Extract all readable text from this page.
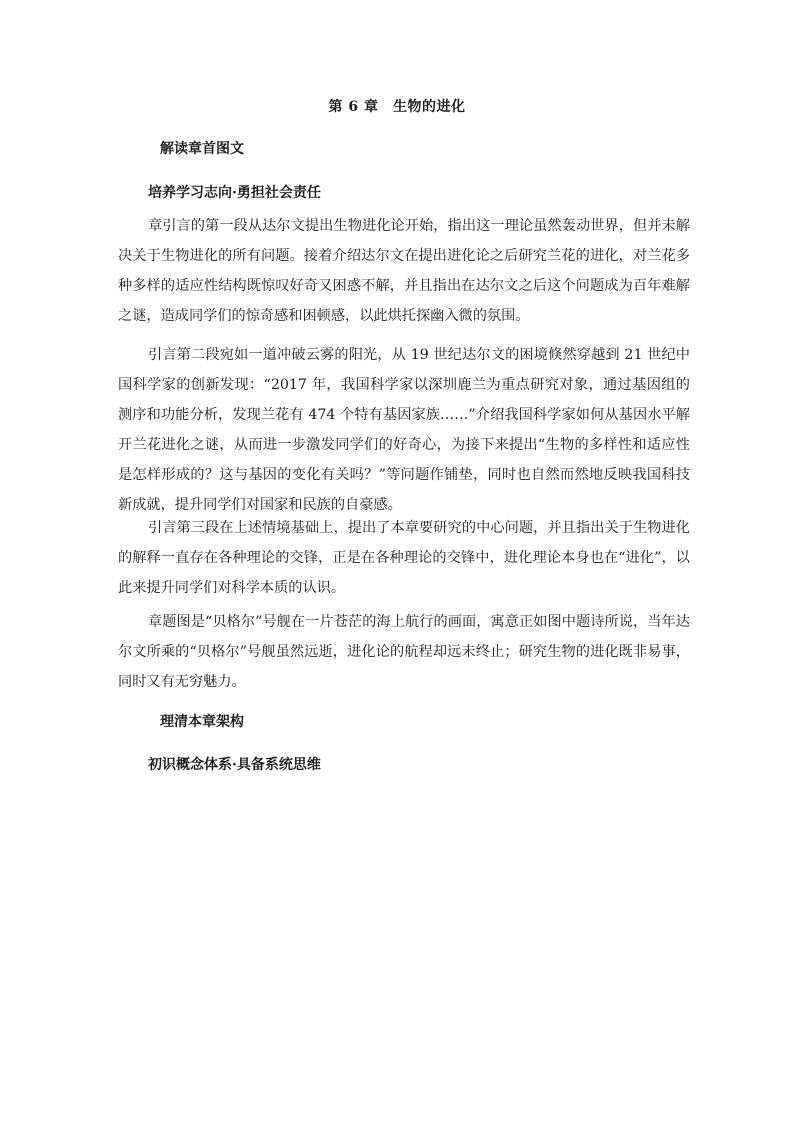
第 6 章　生物的进化
解读章首图文
培养学习志向·勇担社会责任

章引言的第一段从达尔文提出生物进化论开始，指出这一理论虽然轰动世界，但并未解决关于生物进化的所有问题。接着介绍达尔文在提出进化论之后研究兰花的进化，对兰花多种多样的适应性结构既惊叹好奇又困惑不解，并且指出在达尔文之后这个问题成为百年难解之谜，造成同学们的惊奇感和困顿感，以此烘托探幽入微的氛围。

引言第二段宛如一道冲破云雾的阳光，从 19 世纪达尔文的困境倏然穿越到 21 世纪中国科学家的创新发现：“2017 年，我国科学家以深圳鹿兰为重点研究对象，通过基因组的测序和功能分析，发现兰花有 474 个特有基因家族……”介绍我国科学家如何从基因水平解开兰花进化之谜，从而进一步激发同学们的好奇心，为接下来提出“生物的多样性和适应性是怎样形成的？这与基因的变化有关吗？”等问题作铺垫，同时也自然而然地反映我国科技新成就，提升同学们对国家和民族的自豪感。

引言第三段在上述情境基础上，提出了本章要研究的中心问题，并且指出关于生物进化的解释一直存在各种理论的交锋，正是在各种理论的交锋中，进化理论本身也在“进化”，以此来提升同学们对科学本质的认识。

章题图是“贝格尔”号舰在一片苍茫的海上航行的画面，寓意正如图中题诗所说，当年达尔文所乘的“贝格尔”号舰虽然远逝，进化论的航程却远未终止；研究生物的进化既非易事，同时又有无穷魅力。

理清本章架构
初识概念体系·具备系统思维
